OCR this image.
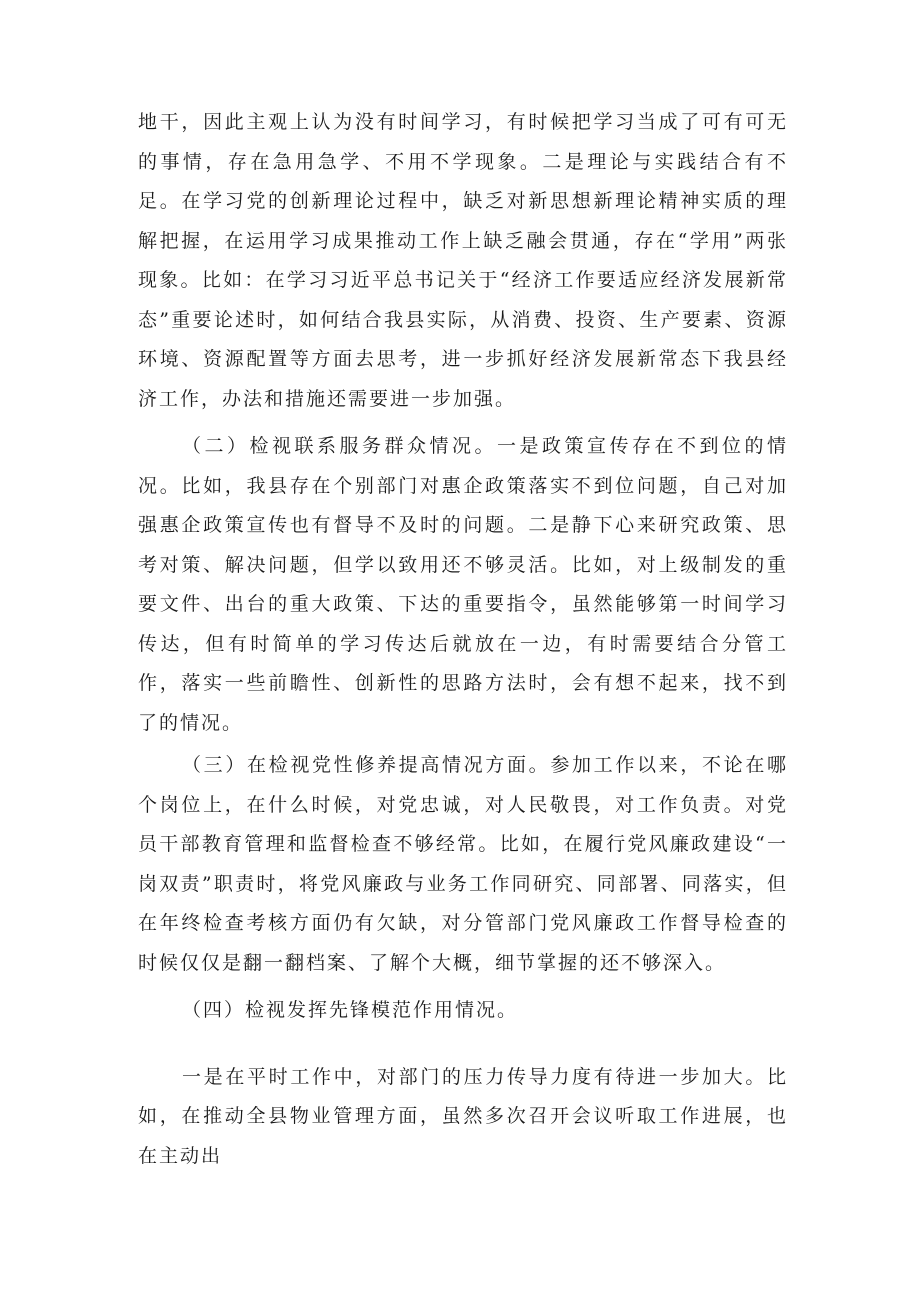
地干，因此主观上认为没有时间学习，有时候把学习当成了可有可无的事情，存在急用急学、不用不学现象。二是理论与实践结合有不足。在学习党的创新理论过程中，缺乏对新思想新理论精神实质的理解把握，在运用学习成果推动工作上缺乏融会贯通，存在“学用”两张现象。比如：在学习习近平总书记关于“经济工作要适应经济发展新常态”重要论述时，如何结合我县实际，从消费、投资、生产要素、资源环境、资源配置等方面去思考，进一步抓好经济发展新常态下我县经济工作，办法和措施还需要进一步加强。

（二）检视联系服务群众情况。一是政策宣传存在不到位的情况。比如，我县存在个别部门对惠企政策落实不到位问题，自己对加强惠企政策宣传也有督导不及时的问题。二是静下心来研究政策、思考对策、解决问题，但学以致用还不够灵活。比如，对上级制发的重要文件、出台的重大政策、下达的重要指令，虽然能够第一时间学习传达，但有时简单的学习传达后就放在一边，有时需要结合分管工作，落实一些前瞻性、创新性的思路方法时，会有想不起来，找不到了的情况。

（三）在检视党性修养提高情况方面。参加工作以来，不论在哪个岗位上，在什么时候，对党忠诚，对人民敬畏，对工作负责。对党员干部教育管理和监督检查不够经常。比如，在履行党风廉政建设“一岗双责”职责时，将党风廉政与业务工作同研究、同部署、同落实，但在年终检查考核方面仍有欠缺，对分管部门党风廉政工作督导检查的时候仅仅是翻一翻档案、了解个大概，细节掌握的还不够深入。

（四）检视发挥先锋模范作用情况。

一是在平时工作中，对部门的压力传导力度有待进一步加大。比如，在推动全县物业管理方面，虽然多次召开会议听取工作进展，也在主动出
